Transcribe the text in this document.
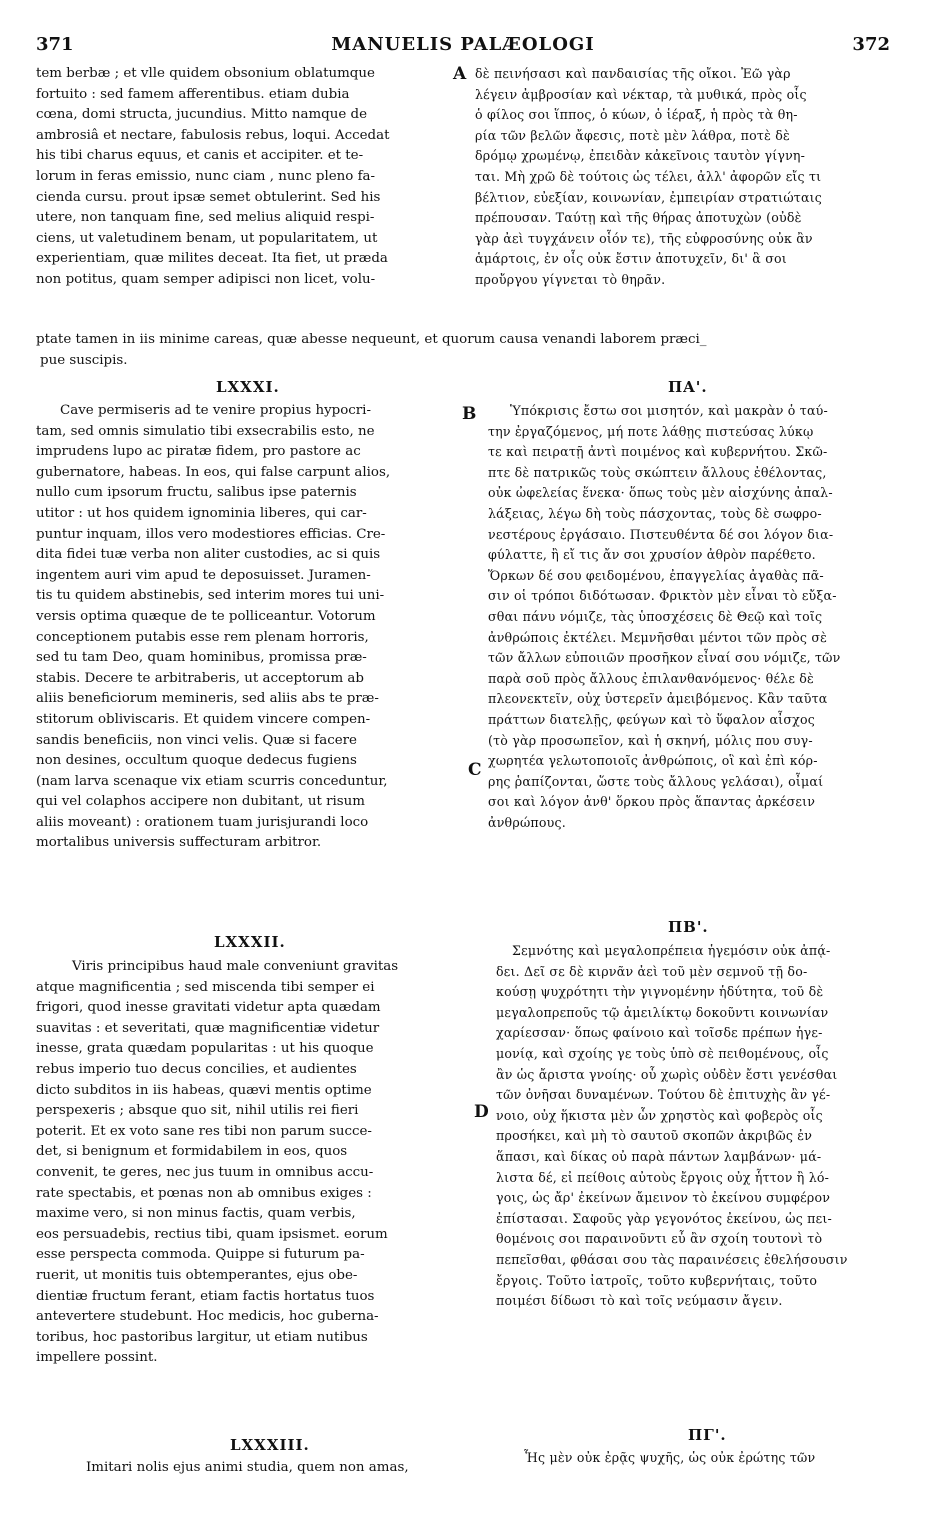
371	MANUELIS PALÆOLOGI	372
A
B
C
D
tem berbæ ; et vlle quidem obsonium oblatumque
fortuito : sed famem afferentibus. etiam dubia
cœna, domi structa, jucundius. Mitto namque de
ambrosiâ et nectare, fabulosis rebus, loqui. Accedat
his tibi charus equus, et canis et accipiter. et te-
lorum in feras emissio, nunc ciam , nunc pleno fa-
cienda cursu. prout ipsæ semet obtulerint. Sed his
utere, non tanquam fine, sed melius aliquid respi-
ciens, ut valetudinem benam, ut popularitatem, ut
experientiam, quæ milites deceat. Ita fiet, ut præda
non potitus, quam semper adipisci non licet, volu-
δὲ πεινήσασι καὶ πανδαισίας τῆς οἴκοι. Ἐῶ γὰρ
λέγειν ἀμβροσίαν καὶ νέκταρ, τὰ μυθικά, πρὸς οἷς
ὁ φίλος σοι ἵππος, ὁ κύων, ὁ ἱέραξ, ἡ πρὸς τὰ θη-
ρία τῶν βελῶν ἄφεσις, ποτὲ μὲν λάθρα, ποτὲ δὲ
δρόμῳ χρωμένῳ, ἐπειδὰν κἀκεῖνοις ταυτὸν γίγνη-
ται. Μὴ χρῶ δὲ τούτοις ὡς τέλει, ἀλλ' ἀφορῶν εἴς τι
βέλτιον, εὐεξίαν, κοινωνίαν, ἐμπειρίαν στρατιώταις
πρέπουσαν. Ταύτῃ καὶ τῆς θήρας ἀποτυχὼν (οὐδὲ
γὰρ ἀεὶ τυγχάνειν οἷόν τε), τῆς εὐφροσύνης οὐκ ἂν
ἁμάρτοις, ἐν οἷς οὐκ ἔστιν ἀποτυχεῖν, δι' ἃ σοι
προὔργου γίγνεται τὸ θηρᾶν.
ptate tamen in iis minime careas, quæ abesse nequeunt, et quorum causa venandi laborem præci_
pue suscipis.
LXXXI.	ΠΑ'.
Cave permiseris ad te venire propius hypocri-
tam, sed omnis simulatio tibi exsecrabilis esto, ne
imprudens lupo ac piratæ fidem, pro pastore ac
gubernatore, habeas. In eos, qui false carpunt alios,
nullo cum ipsorum fructu, salibus ipse paternis
utitor : ut hos quidem ignominia liberes, qui car-
puntur inquam, illos vero modestiores efficias. Cre-
dita fidei tuæ verba non aliter custodies, ac si quis
ingentem auri vim apud te deposuisset. Juramen-
tis tu quidem abstinebis, sed interim mores tui uni-
versis optima quæque de te polliceantur. Votorum
conceptionem putabis esse rem plenam horroris,
sed tu tam Deo, quam hominibus, promissa præ-
stabis. Decere te arbitraberis, ut acceptorum ab
aliis beneficiorum memineris, sed aliis abs te præ-
stitorum obliviscaris. Et quidem vincere compen-
sandis beneficiis, non vinci velis. Quæ si facere
non desines, occultum quoque dedecus fugiens
(nam larva scenaque vix etiam scurris conceduntur,
qui vel colaphos accipere non dubitant, ut risum
aliis moveant) : orationem tuam jurisjurandi loco
mortalibus universis suffecturam arbitror.
Ὑπόκρισις ἔστω σοι μισητόν, καὶ μακρὰν ὁ ταύ-
την ἐργαζόμενος, μή ποτε λάθῃς πιστεύσας λύκῳ
τε καὶ πειρατῇ ἀντὶ ποιμένος καὶ κυβερνήτου. Σκῶ-
πτε δὲ πατρικῶς τοὺς σκώπτειν ἄλλους ἐθέλοντας,
οὐκ ὠφελείας ἕνεκα· ὅπως τοὺς μὲν αἰσχύνης ἀπαλ-
λάξειας, λέγω δὴ τοὺς πάσχοντας, τοὺς δὲ σωφρο-
νεστέρους ἐργάσαιο. Πιστευθέντα δέ σοι λόγον δια-
φύλαττε, ἢ εἴ τις ἄν σοι χρυσίον ἀθρὸν παρέθετο.
Ὅρκων δέ σου φειδομένου, ἐπαγγελίας ἀγαθὰς πᾶ-
σιν οἱ τρόποι διδότωσαν. Φρικτὸν μὲν εἶναι τὸ εὔξα-
σθαι πάνυ νόμιζε, τὰς ὑποσχέσεις δὲ Θεῷ καὶ τοῖς
ἀνθρώποις ἐκτέλει. Μεμνῆσθαι μέντοι τῶν πρὸς σὲ
τῶν ἄλλων εὐποιιῶν προσῆκον εἶναί σου νόμιζε, τῶν
παρὰ σοῦ πρὸς ἄλλους ἐπιλανθανόμενος· θέλε δὲ
πλεονεκτεῖν, οὐχ ὑστερεῖν ἀμειβόμενος. Κἂν ταῦτα
πράττων διατελῇς, φεύγων καὶ τὸ ὕφαλον αἶσχος
(τὸ γὰρ προσωπεῖον, καὶ ἡ σκηνή, μόλις που συγ-
χωρητέα γελωτοποιοῖς ἀνθρώποις, οἳ καὶ ἐπὶ κόρ-
ρης ῥαπίζονται, ὥστε τοὺς ἄλλους γελάσαι), οἶμαί
σοι καὶ λόγον ἀνθ' ὅρκου πρὸς ἅπαντας ἀρκέσειν
ἀνθρώπους.
LXXXII.
ΠΒ'.
Viris principibus haud male conveniunt gravitas
atque magnificentia ; sed miscenda tibi semper ei
frigori, quod inesse gravitati videtur apta quædam
suavitas : et severitati, quæ magnificentiæ videtur
inesse, grata quædam popularitas : ut his quoque
rebus imperio tuo decus concilies, et audientes
dicto subditos in iis habeas, quævi mentis optime
perspexeris ; absque quo sit, nihil utilis rei fieri
poterit. Et ex voto sane res tibi non parum succe-
det, si benignum et formidabilem in eos, quos
convenit, te geres, nec jus tuum in omnibus accu-
rate spectabis, et pœnas non ab omnibus exiges :
maxime vero, si non minus factis, quam verbis,
eos persuadebis, rectius tibi, quam ipsismet. eorum
esse perspecta commoda. Quippe si futurum pa-
ruerit, ut monitis tuis obtemperantes, ejus obe-
dientiæ fructum ferant, etiam factis hortatus tuos
antevertere studebunt. Hoc medicis, hoc guberna-
toribus, hoc pastoribus largitur, ut etiam nutibus
impellere possint.
Σεμνότης καὶ μεγαλοπρέπεια ἡγεμόσιν οὐκ ἀπᾴ-
δει. Δεῖ σε δὲ κιρνᾶν ἀεὶ τοῦ μὲν σεμνοῦ τῇ δο-
κούσῃ ψυχρότητι τὴν γιγνομένην ἡδύτητα, τοῦ δὲ
μεγαλοπρεποῦς τῷ ἀμειλίκτῳ δοκοῦντι κοινωνίαν
χαρίεσσαν· ὅπως φαίνοιο καὶ τοῖσδε πρέπων ἡγε-
μονίᾳ, καὶ σχοίης γε τοὺς ὑπὸ σὲ πειθομένους, οἷς
ἂν ὡς ἄριστα γνοίης· οὗ χωρὶς οὐδὲν ἔστι γενέσθαι
τῶν ὀνῆσαι δυναμένων. Τούτου δὲ ἐπιτυχὴς ἂν γέ-
νοιο, οὐχ ἥκιστα μὲν ὧν χρηστὸς καὶ φοβερὸς οἷς
προσήκει, καὶ μὴ τὸ σαυτοῦ σκοπῶν ἀκριβῶς ἐν
ἅπασι, καὶ δίκας οὐ παρὰ πάντων λαμβάνων· μά-
λιστα δέ, εἰ πείθοις αὐτοὺς ἔργοις οὐχ ἧττον ἢ λό-
γοις, ὡς ἄρ' ἐκείνων ἄμεινον τὸ ἐκείνου συμφέρον
ἐπίστασαι. Σαφοῦς γὰρ γεγονότος ἐκείνου, ὡς πει-
θομένοις σοι παραινοῦντι εὖ ἂν σχοίη τουτονὶ τὸ
πεπεῖσθαι, φθάσαι σου τὰς παραινέσεις ἐθελήσουσιν
ἔργοις. Τοῦτο ἰατροῖς, τοῦτο κυβερνήταις, τοῦτο
ποιμέσι δίδωσι τὸ καὶ τοῖς νεύμασιν ἄγειν.
LXXXIII.
ΠΓ'.
Imitari nolis ejus animi studia, quem non amas,
Ἧς μὲν οὐκ ἐρᾷς ψυχῆς, ὡς οὐκ ἐρώτης τῶν
